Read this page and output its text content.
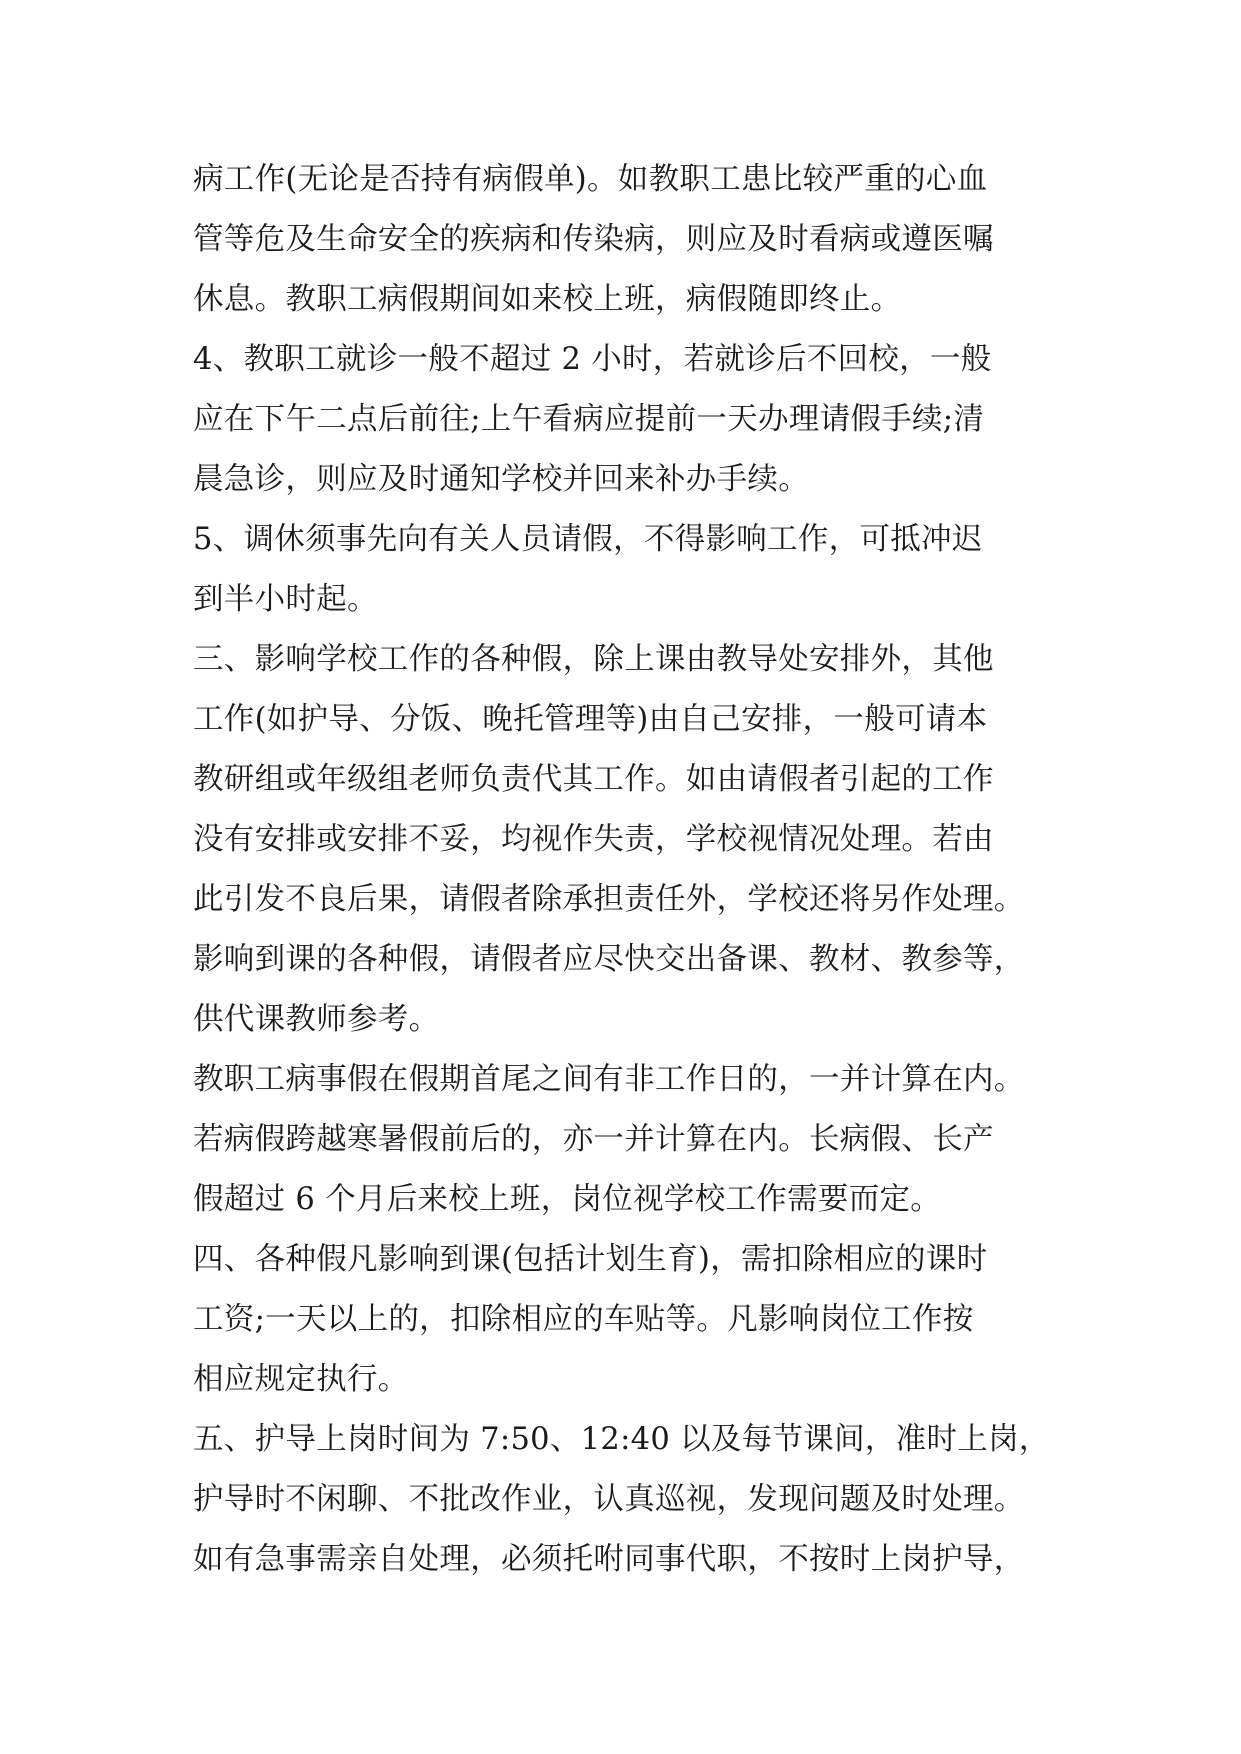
病工作(无论是否持有病假单)。如教职工患比较严重的心血
管等危及生命安全的疾病和传染病，则应及时看病或遵医嘱
休息。教职工病假期间如来校上班，病假随即终止。
4、教职工就诊一般不超过 2 小时，若就诊后不回校，一般
应在下午二点后前往;上午看病应提前一天办理请假手续;清
晨急诊，则应及时通知学校并回来补办手续。
5、调休须事先向有关人员请假，不得影响工作，可抵冲迟
到半小时起。
三、影响学校工作的各种假，除上课由教导处安排外，其他
工作(如护导、分饭、晚托管理等)由自己安排，一般可请本
教研组或年级组老师负责代其工作。如由请假者引起的工作
没有安排或安排不妥，均视作失责，学校视情况处理。若由
此引发不良后果，请假者除承担责任外，学校还将另作处理。
影响到课的各种假，请假者应尽快交出备课、教材、教参等，
供代课教师参考。
教职工病事假在假期首尾之间有非工作日的，一并计算在内。
若病假跨越寒暑假前后的，亦一并计算在内。长病假、长产
假超过 6 个月后来校上班，岗位视学校工作需要而定。
四、各种假凡影响到课(包括计划生育)，需扣除相应的课时
工资;一天以上的，扣除相应的车贴等。凡影响岗位工作按
相应规定执行。
五、护导上岗时间为 7:50、12:40 以及每节课间，准时上岗，
护导时不闲聊、不批改作业，认真巡视，发现问题及时处理。
如有急事需亲自处理，必须托咐同事代职，不按时上岗护导，
